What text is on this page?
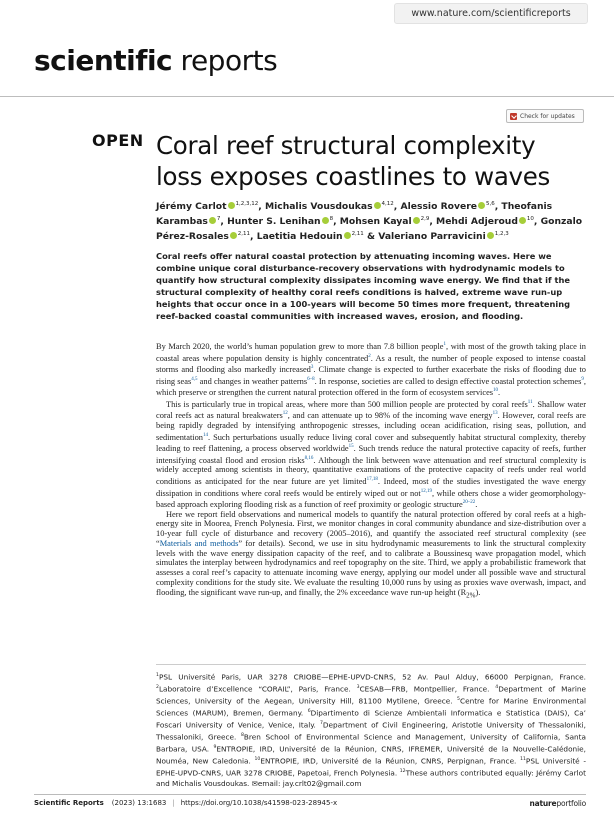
www.nature.com/scientificreports
scientific reports
Check for updates
OPEN Coral reef structural complexity loss exposes coastlines to waves
Jérémy Carlot $^{1,2,3,12}$, Michalis Vousdoukas $^{4,12}$, Alessio Rovere $^{5,6}$, Theofanis Karambas $^7$, Hunter S. Lenihan $^8$, Mohsen Kayal $^{2,9}$, Mehdi Adjeroud $^{10}$, Gonzalo Pérez-Rosales $^{2,11}$, Laetitia Hedouin $^{2,11}$ & Valeriano Parravicini $^{1,2,3}$
Coral reefs offer natural coastal protection by attenuating incoming waves. Here we combine unique coral disturbance-recovery observations with hydrodynamic models to quantify how structural complexity dissipates incoming wave energy. We find that if the structural complexity of healthy coral reefs conditions is halved, extreme wave run-up heights that occur once in a 100-years will become 50 times more frequent, threatening reef-backed coastal communities with increased waves, erosion, and flooding.

By March 2020, the world’s human population grew to more than 7.8 billion people$^1$, with most of the growth taking place in coastal areas where population density is highly concentrated$^2$. As a result, the number of people exposed to intense coastal storms and flooding also markedly increased$^3$. Climate change is expected to further exacerbate the risks of flooding due to rising seas$^{4,5}$ and changes in weather patterns$^{6-8}$. In response, societies are called to design effective coastal protection schemes$^9$, which preserve or strengthen the current natural protection offered in the form of ecosystem services$^{10}$.

This is particularly true in tropical areas, where more than 500 million people are protected by coral reefs$^{11}$. Shallow water coral reefs act as natural breakwaters$^{12}$, and can attenuate up to 98% of the incoming wave energy$^{13}$. However, coral reefs are being rapidly degraded by intensifying anthropogenic stresses, including ocean acidification, rising seas, pollution, and sedimentation$^{14}$. Such perturbations usually reduce living coral cover and subsequently habitat structural complexity, thereby leading to reef flattening, a process observed worldwide$^{15}$. Such trends reduce the natural protective capacity of reefs, further intensifying coastal flood and erosion risks$^{8,16}$. Although the link between wave attenuation and reef structural complexity is widely accepted among scientists in theory, quantitative examinations of the protective capacity of reefs under real world conditions as anticipated for the near future are yet limited$^{17,18}$. Indeed, most of the studies investigated the wave energy dissipation in conditions where coral reefs would be entirely wiped out or not$^{12,19}$, while others chose a wider geomorphology-based approach exploring flooding risk as a function of reef proximity or geologic structure$^{20-22}$.

Here we report field observations and numerical models to quantify the natural protection offered by coral reefs at a high-energy site in Moorea, French Polynesia. First, we monitor changes in coral community abundance and size-distribution over a 10-year full cycle of disturbance and recovery (2005–2016), and quantify the associated reef structural complexity (see “Materials and methods” for details). Second, we use in situ hydrodynamic measurements to link the structural complexity levels with the wave energy dissipation capacity of the reef, and to calibrate a Boussinesq wave propagation model, which simulates the interplay between hydrodynamics and reef topography on the site. Third, we apply a probabilistic framework that assesses a coral reef’s capacity to attenuate incoming wave energy, applying our model under all possible wave and structural complexity conditions for the study site. We evaluate the resulting 10,000 runs by using as proxies wave overwash, impact, and flooding, the significant wave run-up, and finally, the 2% exceedance wave run-up height $(R_{2\%})$.

$^1$PSL Université Paris, UAR 3278 CRIOBE—EPHE-UPVD-CNRS, 52 Av. Paul Alduy, 66000 Perpignan, France. $^2$Laboratoire d’Excellence “CORAIL”, Paris, France. $^3$CESAB—FRB, Montpellier, France. $^4$Department of Marine Sciences, University of the Aegean, University Hill, 81100 Mytilene, Greece. $^5$Centre for Marine Environmental Sciences (MARUM), Bremen, Germany. $^6$Dipartimento di Scienze Ambientali Informatica e Statistica (DAIS), Ca’ Foscari University of Venice, Venice, Italy. $^7$Department of Civil Engineering, Aristotle University of Thessaloniki, Thessaloniki, Greece. $^8$Bren School of Environmental Science and Management, University of California, Santa Barbara, USA. $^9$ENTROPIE, IRD, Université de la Réunion, CNRS, IFREMER, Université de la Nouvelle-Calédonie, Nouméa, New Caledonia. $^{10}$ENTROPIE, IRD, Université de la Réunion, CNRS, Perpignan, France. $^{11}$PSL Université - EPHE-UPVD-CNRS, UAR 3278 CRIOBE, Papetoai, French Polynesia. $^{12}$These authors contributed equally: Jérémy Carlot and Michalis Vousdoukas. ✉email: jay.crlt02@gmail.com
Scientific Reports (2023) 13:1683 | https://doi.org/10.1038/s41598-023-28945-x	natureportfolio
